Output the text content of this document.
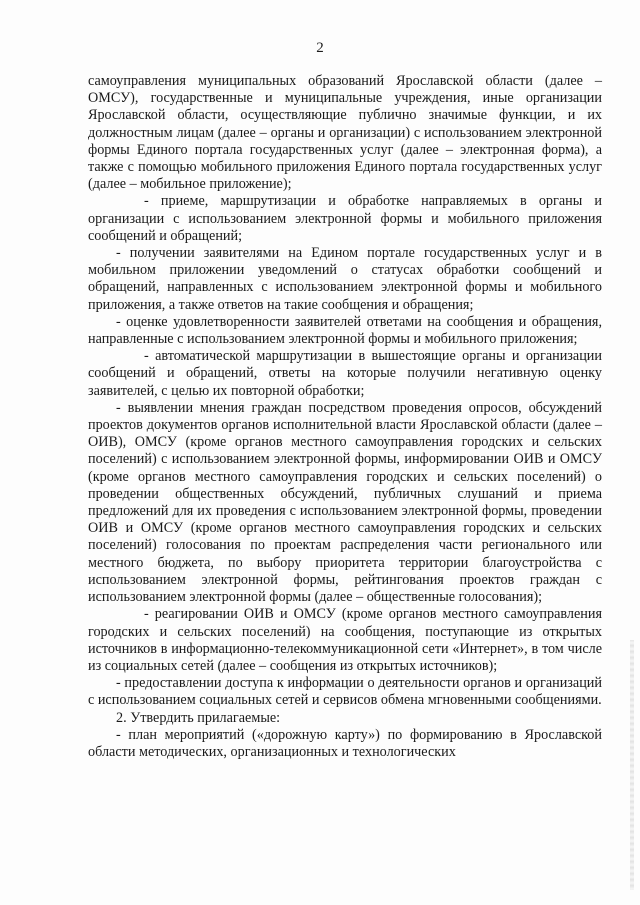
2

самоуправления муниципальных образований Ярославской области (далее – ОМСУ), государственные и муниципальные учреждения, иные организации Ярославской области, осуществляющие публично значимые функции, и их должностным лицам (далее – органы и организации) с использованием электронной формы Единого портала государственных услуг (далее – электронная форма), а также с помощью мобильного приложения Единого портала государственных услуг (далее – мобильное приложение);

- приеме, маршрутизации и обработке направляемых в органы и организации с использованием электронной формы и мобильного приложения сообщений и обращений;

- получении заявителями на Едином портале государственных услуг и в мобильном приложении уведомлений о статусах обработки сообщений и обращений, направленных с использованием электронной формы и мобильного приложения, а также ответов на такие сообщения и обращения;

- оценке удовлетворенности заявителей ответами на сообщения и обращения, направленные с использованием электронной формы и мобильного приложения;

- автоматической маршрутизации в вышестоящие органы и организации сообщений и обращений, ответы на которые получили негативную оценку заявителей, с целью их повторной обработки;

- выявлении мнения граждан посредством проведения опросов, обсуждений проектов документов органов исполнительной власти Ярославской области (далее – ОИВ), ОМСУ (кроме органов местного самоуправления городских и сельских поселений) с использованием электронной формы, информировании ОИВ и ОМСУ (кроме органов местного самоуправления городских и сельских поселений) о проведении общественных обсуждений, публичных слушаний и приема предложений для их проведения с использованием электронной формы, проведении ОИВ и ОМСУ (кроме органов местного самоуправления городских и сельских поселений) голосования по проектам распределения части регионального или местного бюджета, по выбору приоритета территории благоустройства с использованием электронной формы, рейтингования проектов граждан с использованием электронной формы (далее – общественные голосования);

- реагировании ОИВ и ОМСУ (кроме органов местного самоуправления городских и сельских поселений) на сообщения, поступающие из открытых источников в информационно-телекоммуникационной сети «Интернет», в том числе из социальных сетей (далее – сообщения из открытых источников);

- предоставлении доступа к информации о деятельности органов и организаций с использованием социальных сетей и сервисов обмена мгновенными сообщениями.

2. Утвердить прилагаемые:

- план мероприятий («дорожную карту») по формированию в Ярославской области методических, организационных и технологических
